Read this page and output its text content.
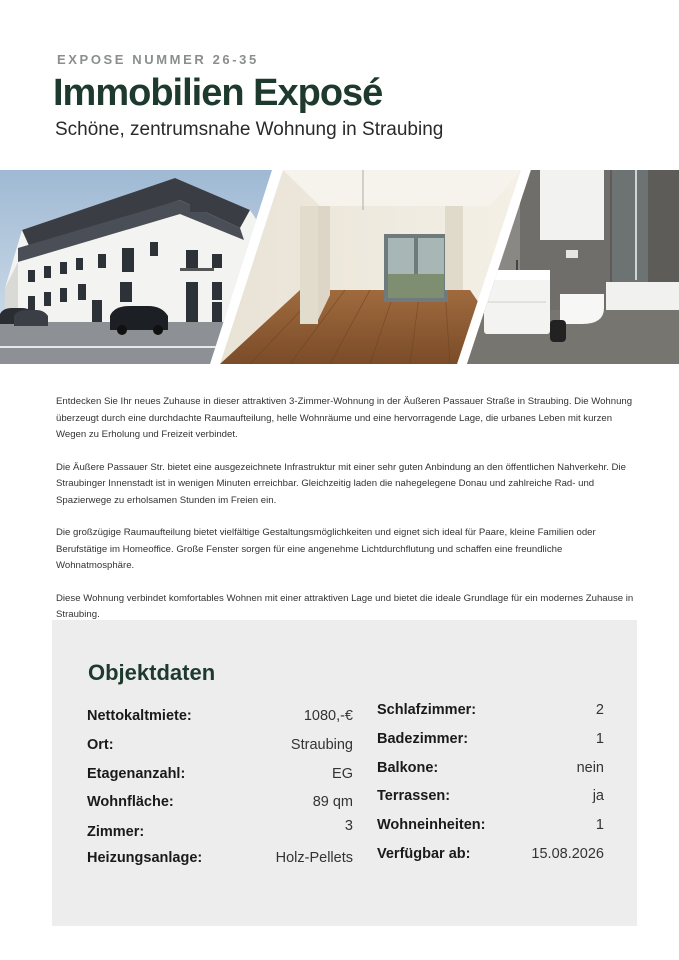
EXPOSE NUMMER 26-35
Immobilien Exposé
Schöne, zentrumsnahe Wohnung in Straubing

Entdecken Sie Ihr neues Zuhause in dieser attraktiven 3-Zimmer-Wohnung in der Äußeren Passauer Straße in Straubing. Die Wohnung überzeugt durch eine durchdachte Raumaufteilung, helle Wohnräume und eine hervorragende Lage, die urbanes Leben mit kurzen Wegen zu Erholung und Freizeit verbindet.

Die Äußere Passauer Str. bietet eine ausgezeichnete Infrastruktur mit einer sehr guten Anbindung an den öffentlichen Nahverkehr. Die Straubinger Innenstadt ist in wenigen Minuten erreichbar. Gleichzeitig laden die nahegelegene Donau und zahlreiche Rad- und Spazierwege zu erholsamen Stunden im Freien ein.

Die großzügige Raumaufteilung bietet vielfältige Gestaltungsmöglichkeiten und eignet sich ideal für Paare, kleine Familien oder Berufstätige im Homeoffice. Große Fenster sorgen für eine angenehme Lichtdurchflutung und schaffen eine freundliche Wohnatmosphäre.

Diese Wohnung verbindet komfortables Wohnen mit einer attraktiven Lage und bietet die ideale Grundlage für ein modernes Zuhause in Straubing.

Objektdaten
Nettokaltmiete:	1080,-€
Ort:	Straubing
Etagenanzahl:	EG
Wohnfläche:	89 qm
Zimmer:	3
Heizungsanlage:	Holz-Pellets
Schlafzimmer:	2
Badezimmer:	1
Balkone:	nein
Terrassen:	ja
Wohneinheiten:	1
Verfügbar ab:	15.08.2026
